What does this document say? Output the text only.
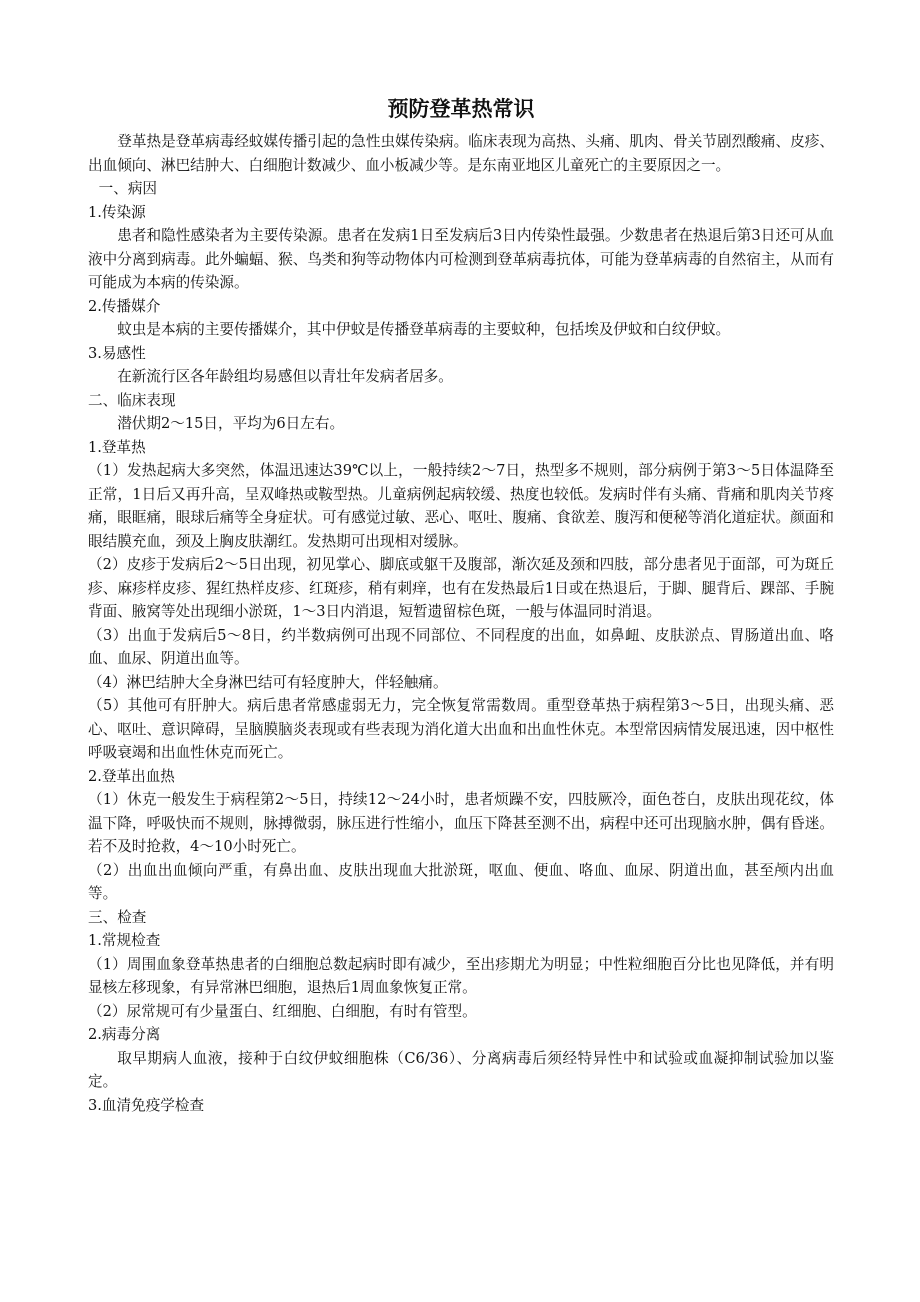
预防登革热常识

登革热是登革病毒经蚊媒传播引起的急性虫媒传染病。临床表现为高热、头痛、肌肉、骨关节剧烈酸痛、皮疹、出血倾向、淋巴结肿大、白细胞计数减少、血小板减少等。是东南亚地区儿童死亡的主要原因之一。

一、病因

1.传染源

患者和隐性感染者为主要传染源。患者在发病1日至发病后3日内传染性最强。少数患者在热退后第3日还可从血液中分离到病毒。此外蝙蝠、猴、鸟类和狗等动物体内可检测到登革病毒抗体，可能为登革病毒的自然宿主，从而有可能成为本病的传染源。

2.传播媒介

蚊虫是本病的主要传播媒介，其中伊蚊是传播登革病毒的主要蚊种，包括埃及伊蚊和白纹伊蚊。

3.易感性

在新流行区各年龄组均易感但以青壮年发病者居多。

二、临床表现

潜伏期2～15日，平均为6日左右。

1.登革热

（1）发热起病大多突然，体温迅速达39℃以上，一般持续2～7日，热型多不规则，部分病例于第3～5日体温降至正常，1日后又再升高，呈双峰热或鞍型热。儿童病例起病较缓、热度也较低。发病时伴有头痛、背痛和肌肉关节疼痛，眼眶痛，眼球后痛等全身症状。可有感觉过敏、恶心、呕吐、腹痛、食欲差、腹泻和便秘等消化道症状。颜面和眼结膜充血，颈及上胸皮肤潮红。发热期可出现相对缓脉。

（2）皮疹于发病后2～5日出现，初见掌心、脚底或躯干及腹部，渐次延及颈和四肢，部分患者见于面部，可为斑丘疹、麻疹样皮疹、猩红热样皮疹、红斑疹，稍有刺痒，也有在发热最后1日或在热退后，于脚、腿背后、踝部、手腕背面、腋窝等处出现细小淤斑，1～3日内消退，短暂遗留棕色斑，一般与体温同时消退。

（3）出血于发病后5～8日，约半数病例可出现不同部位、不同程度的出血，如鼻衄、皮肤淤点、胃肠道出血、咯血、血尿、阴道出血等。

（4）淋巴结肿大全身淋巴结可有轻度肿大，伴轻触痛。

（5）其他可有肝肿大。病后患者常感虚弱无力，完全恢复常需数周。重型登革热于病程第3～5日，出现头痛、恶心、呕吐、意识障碍，呈脑膜脑炎表现或有些表现为消化道大出血和出血性休克。本型常因病情发展迅速，因中枢性呼吸衰竭和出血性休克而死亡。

2.登革出血热

（1）休克一般发生于病程第2～5日，持续12～24小时，患者烦躁不安，四肢厥冷，面色苍白，皮肤出现花纹，体温下降，呼吸快而不规则，脉搏微弱，脉压进行性缩小，血压下降甚至测不出，病程中还可出现脑水肿，偶有昏迷。若不及时抢救，4～10小时死亡。

（2）出血出血倾向严重，有鼻出血、皮肤出现血大批淤斑，呕血、便血、咯血、血尿、阴道出血，甚至颅内出血等。

三、检查

1.常规检查

（1）周围血象登革热患者的白细胞总数起病时即有减少，至出疹期尤为明显；中性粒细胞百分比也见降低，并有明显核左移现象，有异常淋巴细胞，退热后1周血象恢复正常。

（2）尿常规可有少量蛋白、红细胞、白细胞，有时有管型。

2.病毒分离

取早期病人血液，接种于白纹伊蚊细胞株（C6/36）、分离病毒后须经特异性中和试验或血凝抑制试验加以鉴定。

3.血清免疫学检查
